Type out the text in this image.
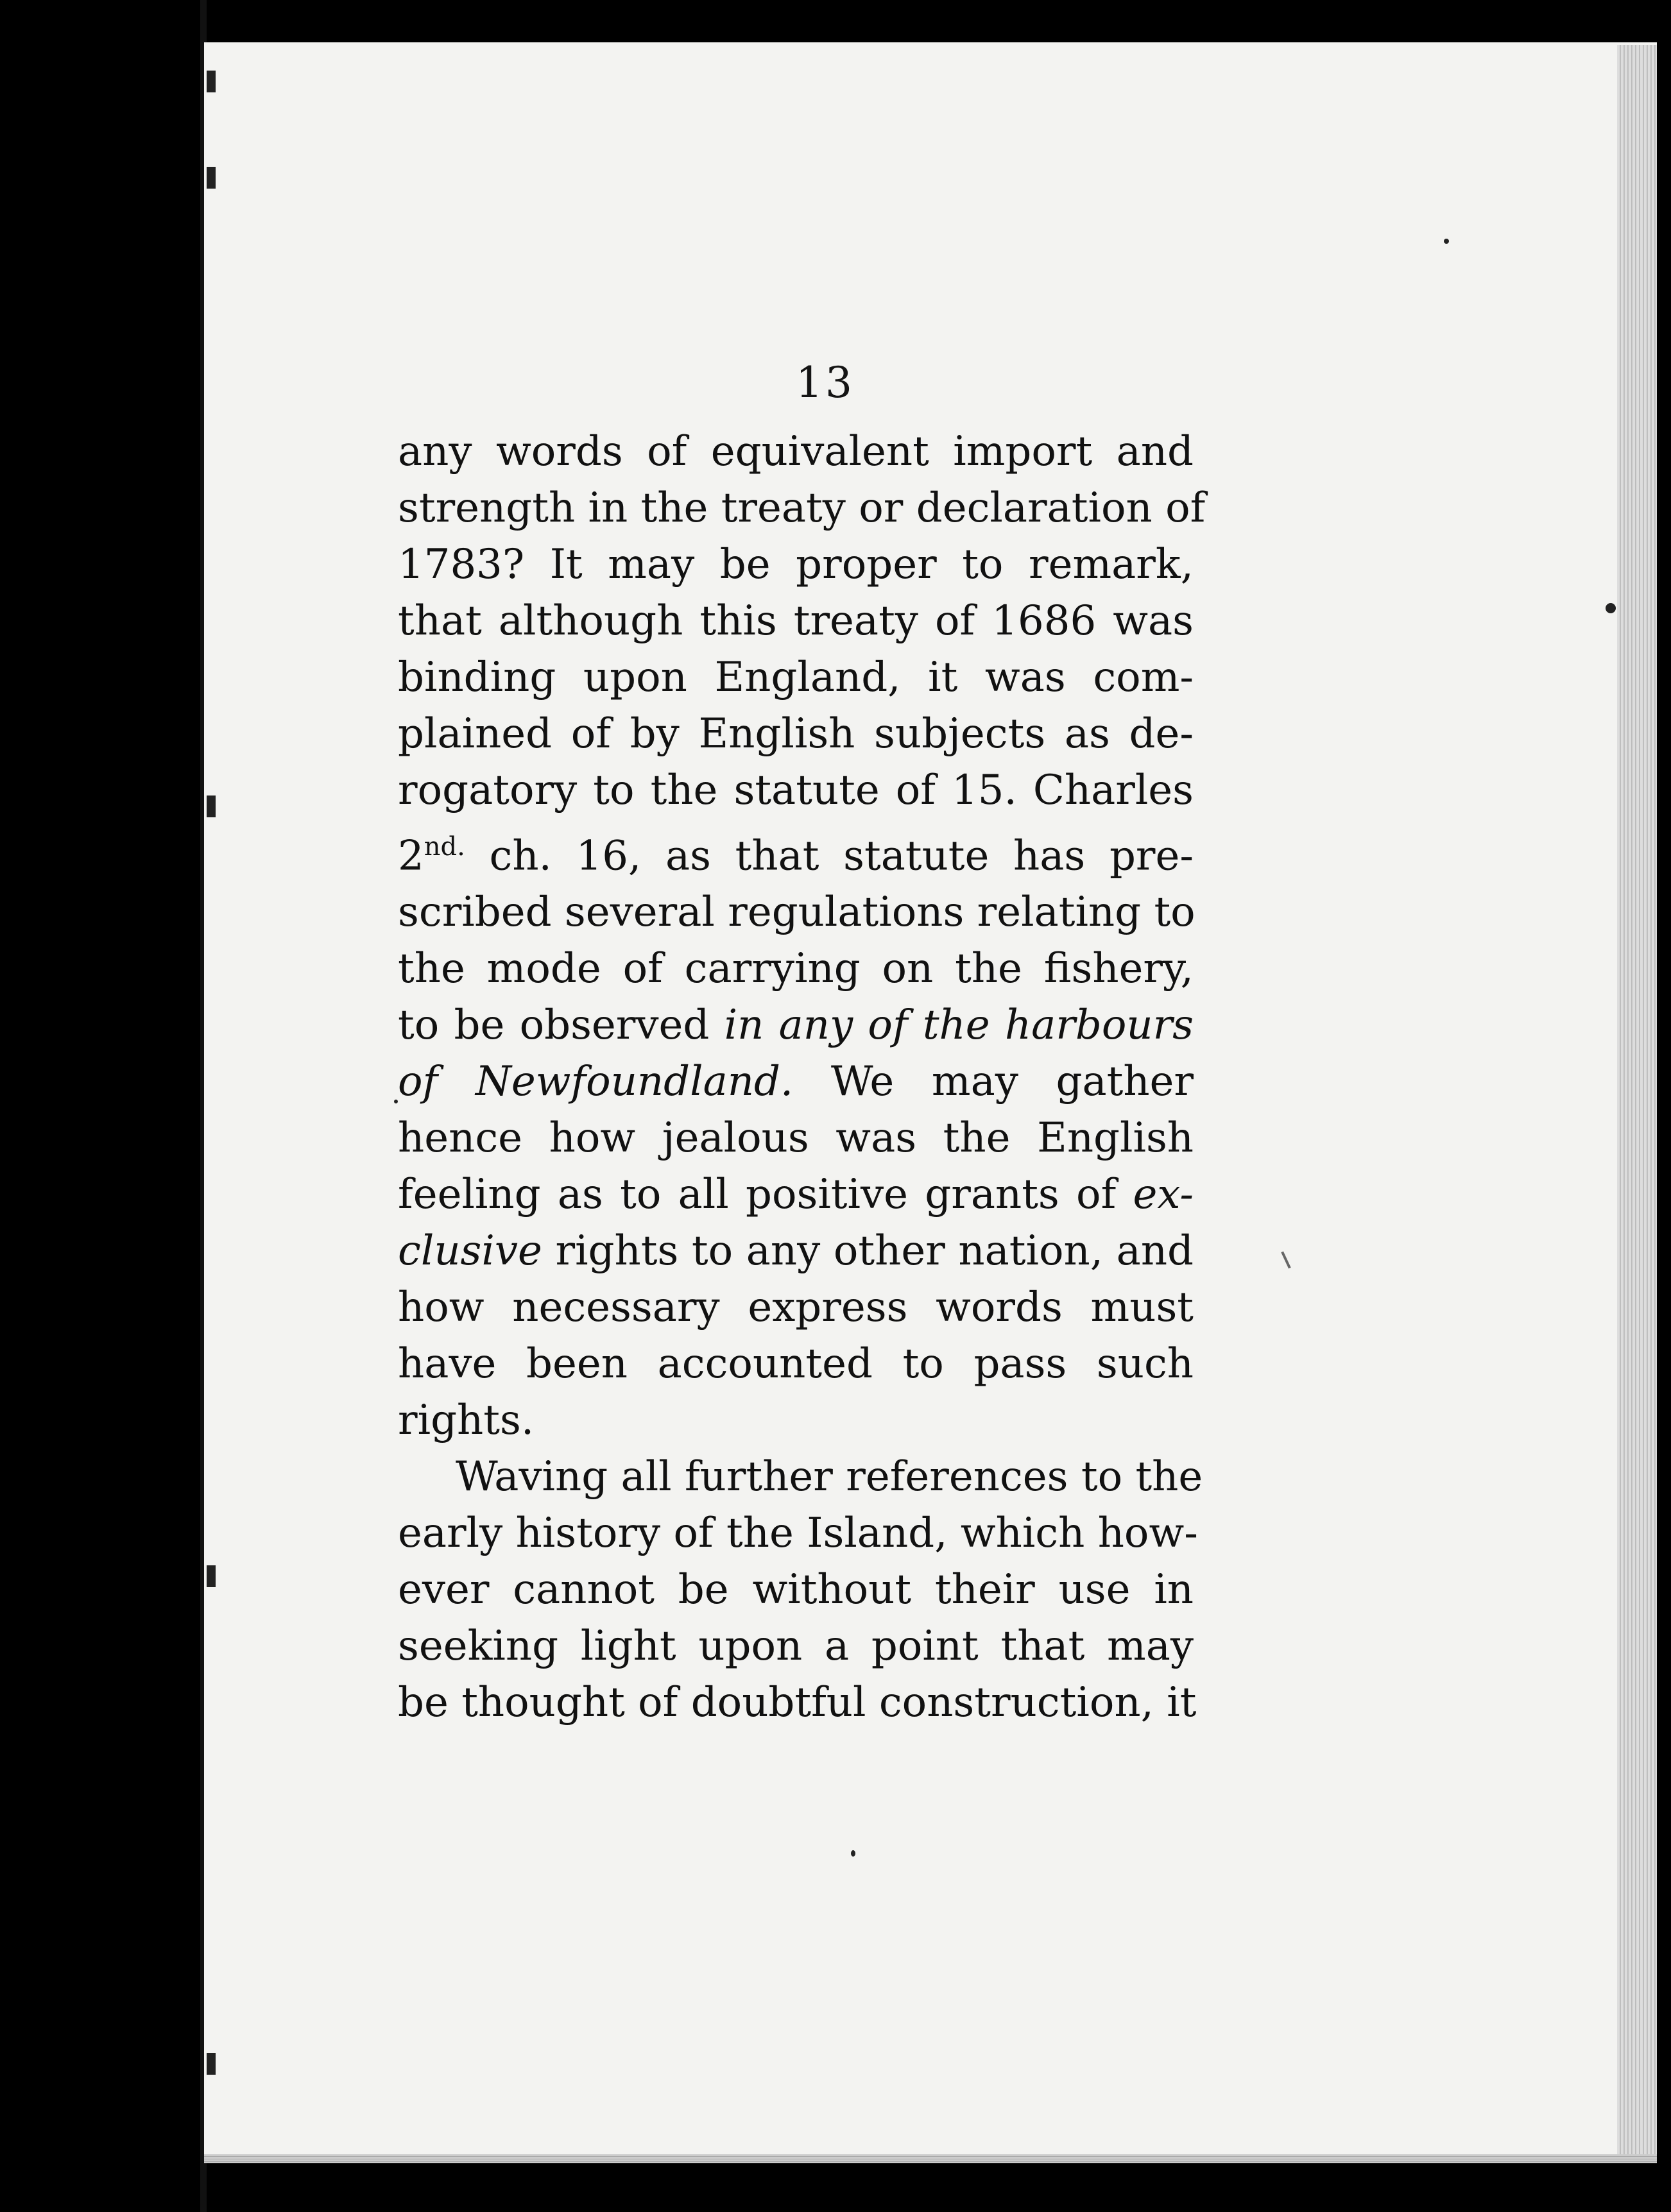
13
any words of equivalent import and
strength in the treaty or declaration of
1783? It may be proper to remark,
that although this treaty of 1686 was
binding upon England, it was com-
plained of by English subjects as de-
rogatory to the statute of 15. Charles
$2^{nd.}$ ch. 16, as that statute has pre-
scribed several regulations relating to
the mode of carrying on the fishery,
to be observed in any of the harbours
of Newfoundland. We may gather
hence how jealous was the English
feeling as to all positive grants of ex-
clusive rights to any other nation, and
how necessary express words must
have been accounted to pass such
rights.
Waving all further references to the
early history of the Island, which how-
ever cannot be without their use in
seeking light upon a point that may
be thought of doubtful construction, it
